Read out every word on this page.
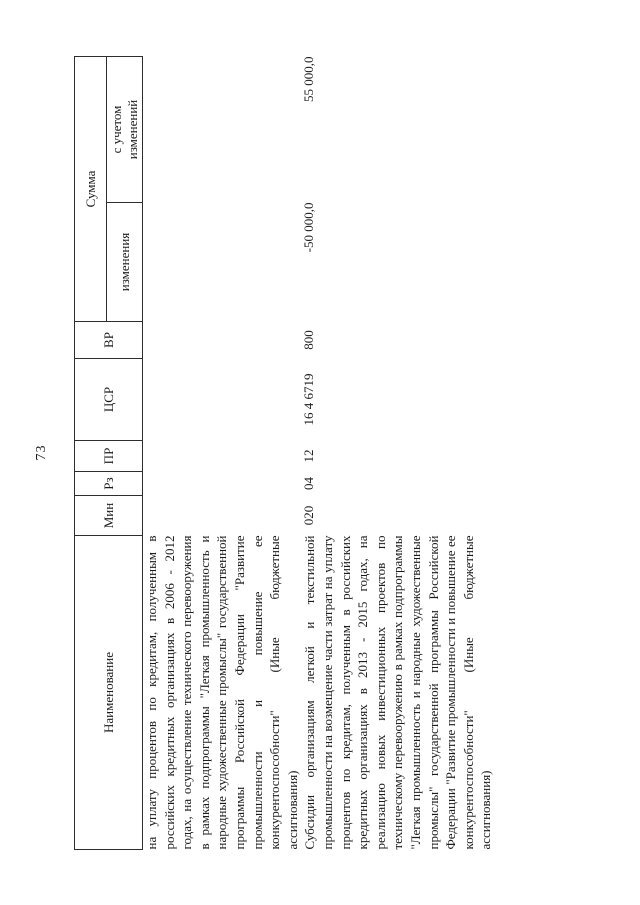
73
Наименование	Мин	Рз	ПР	ЦСР	ВР	Сумма	
						изменения	с учетом изменений
на уплату процентов по кредитам, полученным в российских кредитных организациях в 2006 - 2012 годах, на осуществление технического перевооружения в рамках подпрограммы "Легкая промышленность и народные художественные промыслы" государственной программы Российской Федерации "Развитие промышленности и повышение ее конкурентоспособности" (Иные бюджетные ассигнования)							
Субсидии организациям легкой и текстильной промышленности на возмещение части затрат на уплату процентов по кредитам, полученным в российских кредитных организациях в 2013 - 2015 годах, на реализацию новых инвестиционных проектов по техническому перевооружению в рамках подпрограммы "Легкая промышленность и народные художественные промыслы" государственной программы Российской Федерации "Развитие промышленности и повышение ее конкурентоспособности" (Иные бюджетные ассигнования)	020	04	12	16 4 6719	800	-50 000,0	55 000,0
